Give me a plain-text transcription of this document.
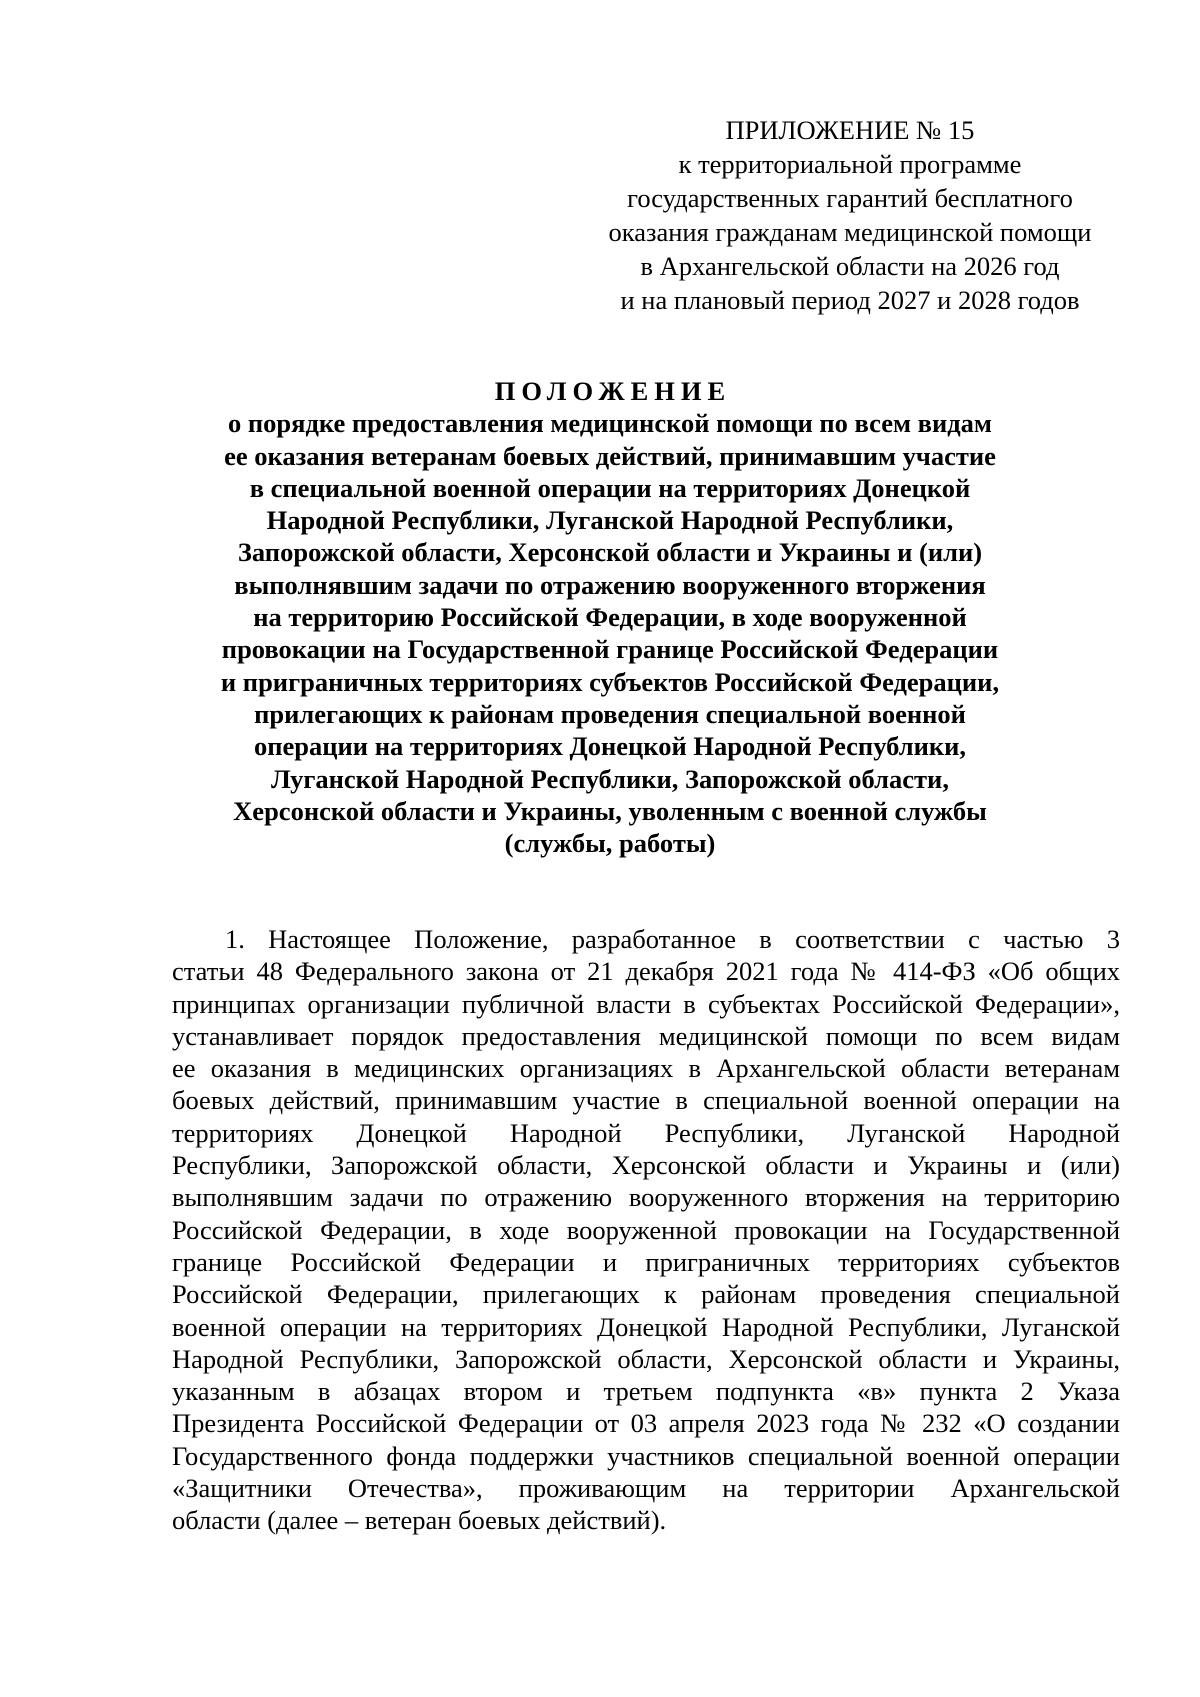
ПРИЛОЖЕНИЕ № 15
к территориальной программе
государственных гарантий бесплатного
оказания гражданам медицинской помощи
в Архангельской области на 2026 год
и на плановый период 2027 и 2028 годов
ПОЛОЖЕНИЕ
о порядке предоставления медицинской помощи по всем видам
ее оказания ветеранам боевых действий, принимавшим участие
в специальной военной операции на территориях Донецкой
Народной Республики, Луганской Народной Республики,
Запорожской области, Херсонской области и Украины и (или)
выполнявшим задачи по отражению вооруженного вторжения
на территорию Российской Федерации, в ходе вооруженной
провокации на Государственной границе Российской Федерации
и приграничных территориях субъектов Российской Федерации,
прилегающих к районам проведения специальной военной
операции на территориях Донецкой Народной Республики,
Луганской Народной Республики, Запорожской области,
Херсонской области и Украины, уволенным с военной службы
(службы, работы)
1. Настоящее Положение, разработанное в соответствии с частью 3
статьи 48 Федерального закона от 21 декабря 2021 года № 414-ФЗ «Об общих
принципах организации публичной власти в субъектах Российской Федерации»,
устанавливает порядок предоставления медицинской помощи по всем видам
ее оказания в медицинских организациях в Архангельской области ветеранам
боевых действий, принимавшим участие в специальной военной операции на
территориях Донецкой Народной Республики, Луганской Народной
Республики, Запорожской области, Херсонской области и Украины и (или)
выполнявшим задачи по отражению вооруженного вторжения на территорию
Российской Федерации, в ходе вооруженной провокации на Государственной
границе Российской Федерации и приграничных территориях субъектов
Российской Федерации, прилегающих к районам проведения специальной
военной операции на территориях Донецкой Народной Республики, Луганской
Народной Республики, Запорожской области, Херсонской области и Украины,
указанным в абзацах втором и третьем подпункта «в» пункта 2 Указа
Президента Российской Федерации от 03 апреля 2023 года № 232 «О создании
Государственного фонда поддержки участников специальной военной операции
«Защитники Отечества», проживающим на территории Архангельской
области (далее – ветеран боевых действий).
